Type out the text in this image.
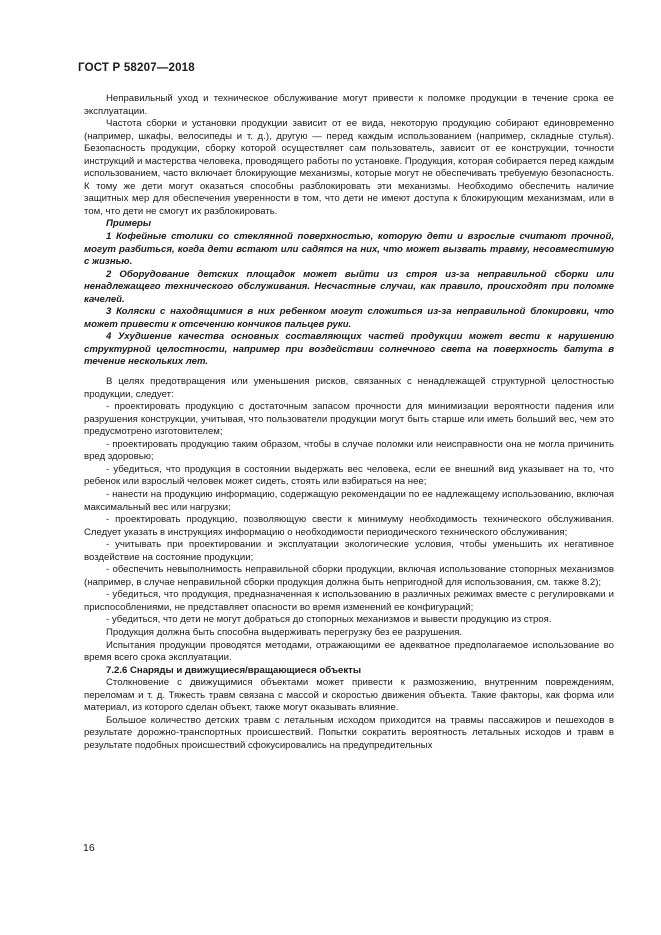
ГОСТ Р 58207—2018

Неправильный уход и техническое обслуживание могут привести к поломке продукции в течение срока ее эксплуатации.

Частота сборки и установки продукции зависит от ее вида, некоторую продукцию собирают единовременно (например, шкафы, велосипеды и т. д.), другую — перед каждым использованием (например, складные стулья). Безопасность продукции, сборку которой осуществляет сам пользователь, зависит от ее конструкции, точности инструкций и мастерства человека, проводящего работы по установке. Продукция, которая собирается перед каждым использованием, часто включает блокирующие механизмы, которые могут не обеспечивать требуемую безопасность. К тому же дети могут оказаться способны разблокировать эти механизмы. Необходимо обеспечить наличие защитных мер для обеспечения уверенности в том, что дети не имеют доступа к блокирующим механизмам, или в том, что дети не смогут их разблокировать.

Примеры

1 Кофейные столики со стеклянной поверхностью, которую дети и взрослые считают прочной, могут разбиться, когда дети встают или садятся на них, что может вызвать травму, несовместимую с жизнью.

2 Оборудование детских площадок может выйти из строя из-за неправильной сборки или ненадлежащего технического обслуживания. Несчастные случаи, как правило, происходят при поломке качелей.

3 Коляски с находящимися в них ребенком могут сложиться из-за неправильной блокировки, что может привести к отсечению кончиков пальцев руки.

4 Ухудшение качества основных составляющих частей продукции может вести к нарушению структурной целостности, например при воздействии солнечного света на поверхность батута в течение нескольких лет.

В целях предотвращения или уменьшения рисков, связанных с ненадлежащей структурной целостностью продукции, следует:

- проектировать продукцию с достаточным запасом прочности для минимизации вероятности падения или разрушения конструкции, учитывая, что пользователи продукции могут быть старше или иметь больший вес, чем это предусмотрено изготовителем;

- проектировать продукцию таким образом, чтобы в случае поломки или неисправности она не могла причинить вред здоровью;

- убедиться, что продукция в состоянии выдержать вес человека, если ее внешний вид указывает на то, что ребенок или взрослый человек может сидеть, стоять или взбираться на нее;

- нанести на продукцию информацию, содержащую рекомендации по ее надлежащему использованию, включая максимальный вес или нагрузки;

- проектировать продукцию, позволяющую свести к минимуму необходимость технического обслуживания. Следует указать в инструкциях информацию о необходимости периодического технического обслуживания;

- учитывать при проектировании и эксплуатации экологические условия, чтобы уменьшить их негативное воздействие на состояние продукции;

- обеспечить невыполнимость неправильной сборки продукции, включая использование стопорных механизмов (например, в случае неправильной сборки продукция должна быть непригодной для использования, см. также 8.2);

- убедиться, что продукция, предназначенная к использованию в различных режимах вместе с регулировками и приспособлениями, не представляет опасности во время изменений ее конфигураций;

- убедиться, что дети не могут добраться до стопорных механизмов и вывести продукцию из строя.

Продукция должна быть способна выдерживать перегрузку без ее разрушения.

Испытания продукции проводятся методами, отражающими ее адекватное предполагаемое использование во время всего срока эксплуатации.

7.2.6 Снаряды и движущиеся/вращающиеся объекты

Столкновение с движущимися объектами может привести к размозжению, внутренним повреждениям, переломам и т. д. Тяжесть травм связана с массой и скоростью движения объекта. Такие факторы, как форма или материал, из которого сделан объект, также могут оказывать влияние.

Большое количество детских травм с летальным исходом приходится на травмы пассажиров и пешеходов в результате дорожно-транспортных происшествий. Попытки сократить вероятность летальных исходов и травм в результате подобных происшествий сфокусировались на предупредительных

16
